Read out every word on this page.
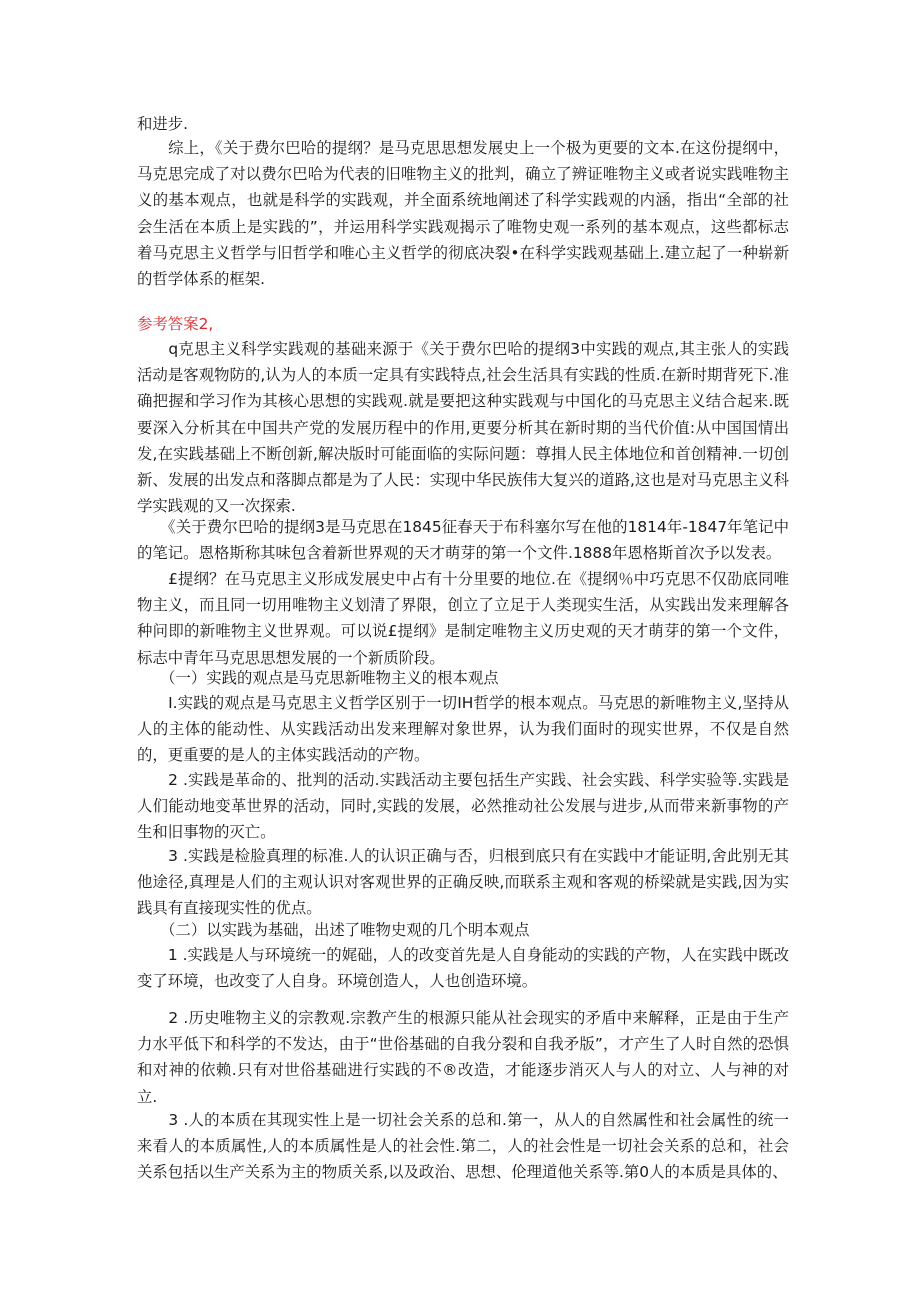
和进步.

　　综上，《关于费尔巴哈的提纲？是马克思思想发展史上一个极为更要的文本.在这份提纲中，马克思完成了对以费尔巴哈为代表的旧唯物主义的批判，确立了辨证唯物主义或者说实践唯物主义的基本观点，也就是科学的实践观，并全面系统地阐述了科学实践观的内涵，指出“全部的社会生活在本质上是实践的”，并运用科学实践观揭示了唯物史观一系列的基本观点，这些都标志着马克思主义哲学与旧哲学和唯心主义哲学的彻底决裂•在科学实践观基础上.建立起了一种崭新的哲学体系的框架.

参考答案2,

　　q克思主义科学实践观的基础来源于《关于费尔巴哈的提纲3中实践的观点,其主张人的实践活动是客观物防的,认为人的本质一定具有实践特点,社会生活具有实践的性质.在新时期背死下.准确把握和学习作为其核心思想的实践观.就是要把这种实践观与中国化的马克思主义结合起来.既要深入分析其在中国共产党的发展历程中的作用,更要分析其在新时期的当代价值:从中国国情出发,在实践基础上不断创新,解决版时可能面临的实际问题：尊揖人民主体地位和首创精神.一切创新、发展的出发点和落脚点都是为了人民：实现中华民族伟大复兴的道路,这也是对马克思主义科学实践观的又一次探索.

　　《关于费尔巴哈的提纲3是马克思在1845征春天于布科塞尔写在他的1814年-1847年笔记中的笔记。恩格斯称其味包含着新世界观的天才萌芽的第一个文件.1888年恩格斯首次予以发表。

　　£提纲？在马克思主义形成发展史中占有十分里要的地位.在《提纲％中巧克思不仅劭底同唯物主义，而且同一切用唯物主义划清了界限，创立了立足于人类现实生活，从实践出发来理解各种问即的新唯物主义世界观。可以说£提纲》是制定唯物主义历史观的天才萌芽的第一个文件，标志中青年马克思思想发展的一个新质阶段。

　　（一）实践的观点是马克思新唯物主义的根本观点

　　I.实践的观点是马克思主义哲学区别于一切IH哲学的根本观点。马克思的新唯物主义,坚持从人的主体的能动性、从实践活动出发来理解对象世界，认为我们面时的现实世界，不仅是自然的，更重要的是人的主体实践活动的产物。

　　2 .实践是革命的、批判的活动.实践活动主要包括生产实践、社会实践、科学实验等.实践是人们能动地变革世界的活动，同时,实践的发展，必然推动社公发展与进步,从而带来新事物的产生和旧事物的灭亡。

　　3 .实践是检脸真理的标准.人的认识正确与否，归根到底只有在实践中才能证明,舍此别无其他途径,真理是人们的主观认识对客观世界的正确反映,而联系主观和客观的桥梁就是实践,因为实践具有直接现实性的优点。

　　（二）以实践为基础，出述了唯物史观的几个明本观点

　　1 .实践是人与环境统一的娓础，人的改变首先是人自身能动的实践的产物，人在实践中既改变了环境，也改变了人自身。环境创造人，人也创造环境。

　　2 .历史唯物主义的宗教观.宗教产生的根源只能从社会现实的矛盾中来解释，正是由于生产力水平低下和科学的不发达，由于“世俗基础的自我分裂和自我矛版”，才产生了人时自然的恐惧和对神的依赖.只有对世俗基础进行实践的不®改造，才能逐步消灭人与人的对立、人与神的对立.

　　3 .人的本质在其现实性上是一切社会关系的总和.第一，从人的自然属性和社会属性的统一来看人的本质属性,人的本质属性是人的社会性.第二，人的社会性是一切社会关系的总和，社会关系包括以生产关系为主的物质关系,以及政治、思想、伦理道他关系等.第0人的本质是具体的、
